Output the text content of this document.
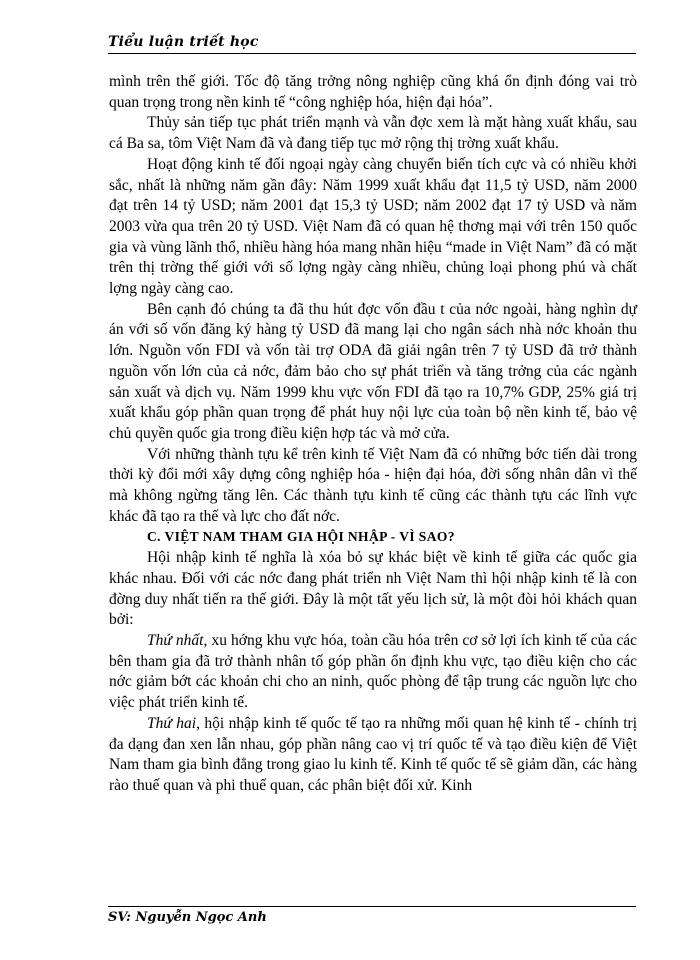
Tiểu luận triết học

mình trên thế giới. Tốc độ tăng trởng nông nghiệp cũng khá ổn định đóng vai trò quan trọng trong nền kinh tế “công nghiệp hóa, hiện đại hóa”.

Thủy sản tiếp tục phát triển mạnh và vẫn đợc xem là mặt hàng xuất khẩu, sau cá Ba sa, tôm Việt Nam đã và đang tiếp tục mở rộng thị trờng xuất khẩu.

Hoạt động kinh tế đối ngoại ngày càng chuyển biến tích cực và có nhiều khởi sắc, nhất là những năm gần đây: Năm 1999 xuất khẩu đạt 11,5 tỷ USD, năm 2000 đạt trên 14 tỷ USD; năm 2001 đạt 15,3 tỷ USD; năm 2002 đạt 17 tỷ USD và năm 2003 vừa qua trên 20 tỷ USD. Việt Nam đã có quan hệ thơng mại với trên 150 quốc gia và vùng lãnh thổ, nhiều hàng hóa mang nhãn hiệu “made in Việt Nam” đã có mặt trên thị trờng thế giới với số lợng ngày càng nhiều, chủng loại phong phú và chất lợng ngày càng cao.

Bên cạnh đó chúng ta đã thu hút đợc vốn đầu t của nớc ngoài, hàng nghìn dự án với số vốn đăng ký hàng tỷ USD đã mang lại cho ngân sách nhà nớc khoản thu lớn. Nguồn vốn FDI và vốn tài trợ ODA đã giải ngân trên 7 tỷ USD đã trở thành nguồn vốn lớn của cả nớc, đảm bảo cho sự phát triển và tăng trởng của các ngành sản xuất và dịch vụ. Năm 1999 khu vực vốn FDI đã tạo ra 10,7% GDP, 25% giá trị xuất khẩu góp phần quan trọng để phát huy nội lực của toàn bộ nền kinh tế, bảo vệ chủ quyền quốc gia trong điều kiện hợp tác và mở cửa.

Với những thành tựu kể trên kinh tế Việt Nam đã có những bớc tiến dài trong thời kỳ đổi mới xây dựng công nghiệp hóa - hiện đại hóa, đời sống nhân dân vì thế mà không ngừng tăng lên. Các thành tựu kinh tế cũng các thành tựu các lĩnh vực khác đã tạo ra thế và lực cho đất nớc.

C. VIỆT NAM THAM GIA HỘI NHẬP - VÌ SAO?

Hội nhập kinh tế nghĩa là xóa bỏ sự khác biệt về kinh tế giữa các quốc gia khác nhau. Đối với các nớc đang phát triển nh Việt Nam thì hội nhập kinh tế là con đờng duy nhất tiến ra thế giới. Đây là một tất yếu lịch sử, là một đòi hỏi khách quan bởi:

Thứ nhất, xu hớng khu vực hóa, toàn cầu hóa trên cơ sở lợi ích kinh tế của các bên tham gia đã trở thành nhân tố góp phần ổn định khu vực, tạo điều kiện cho các nớc giảm bớt các khoản chi cho an ninh, quốc phòng để tập trung các nguồn lực cho việc phát triển kinh tế.

Thứ hai, hội nhập kinh tế quốc tế tạo ra những mối quan hệ kinh tế - chính trị đa dạng đan xen lẫn nhau, góp phần nâng cao vị trí quốc tế và tạo điều kiện để Việt Nam tham gia bình đẳng trong giao lu kinh tế. Kinh tế quốc tế sẽ giảm dần, các hàng rào thuế quan và phi thuế quan, các phân biệt đối xử. Kinh

SV: Nguyễn Ngọc Anh
